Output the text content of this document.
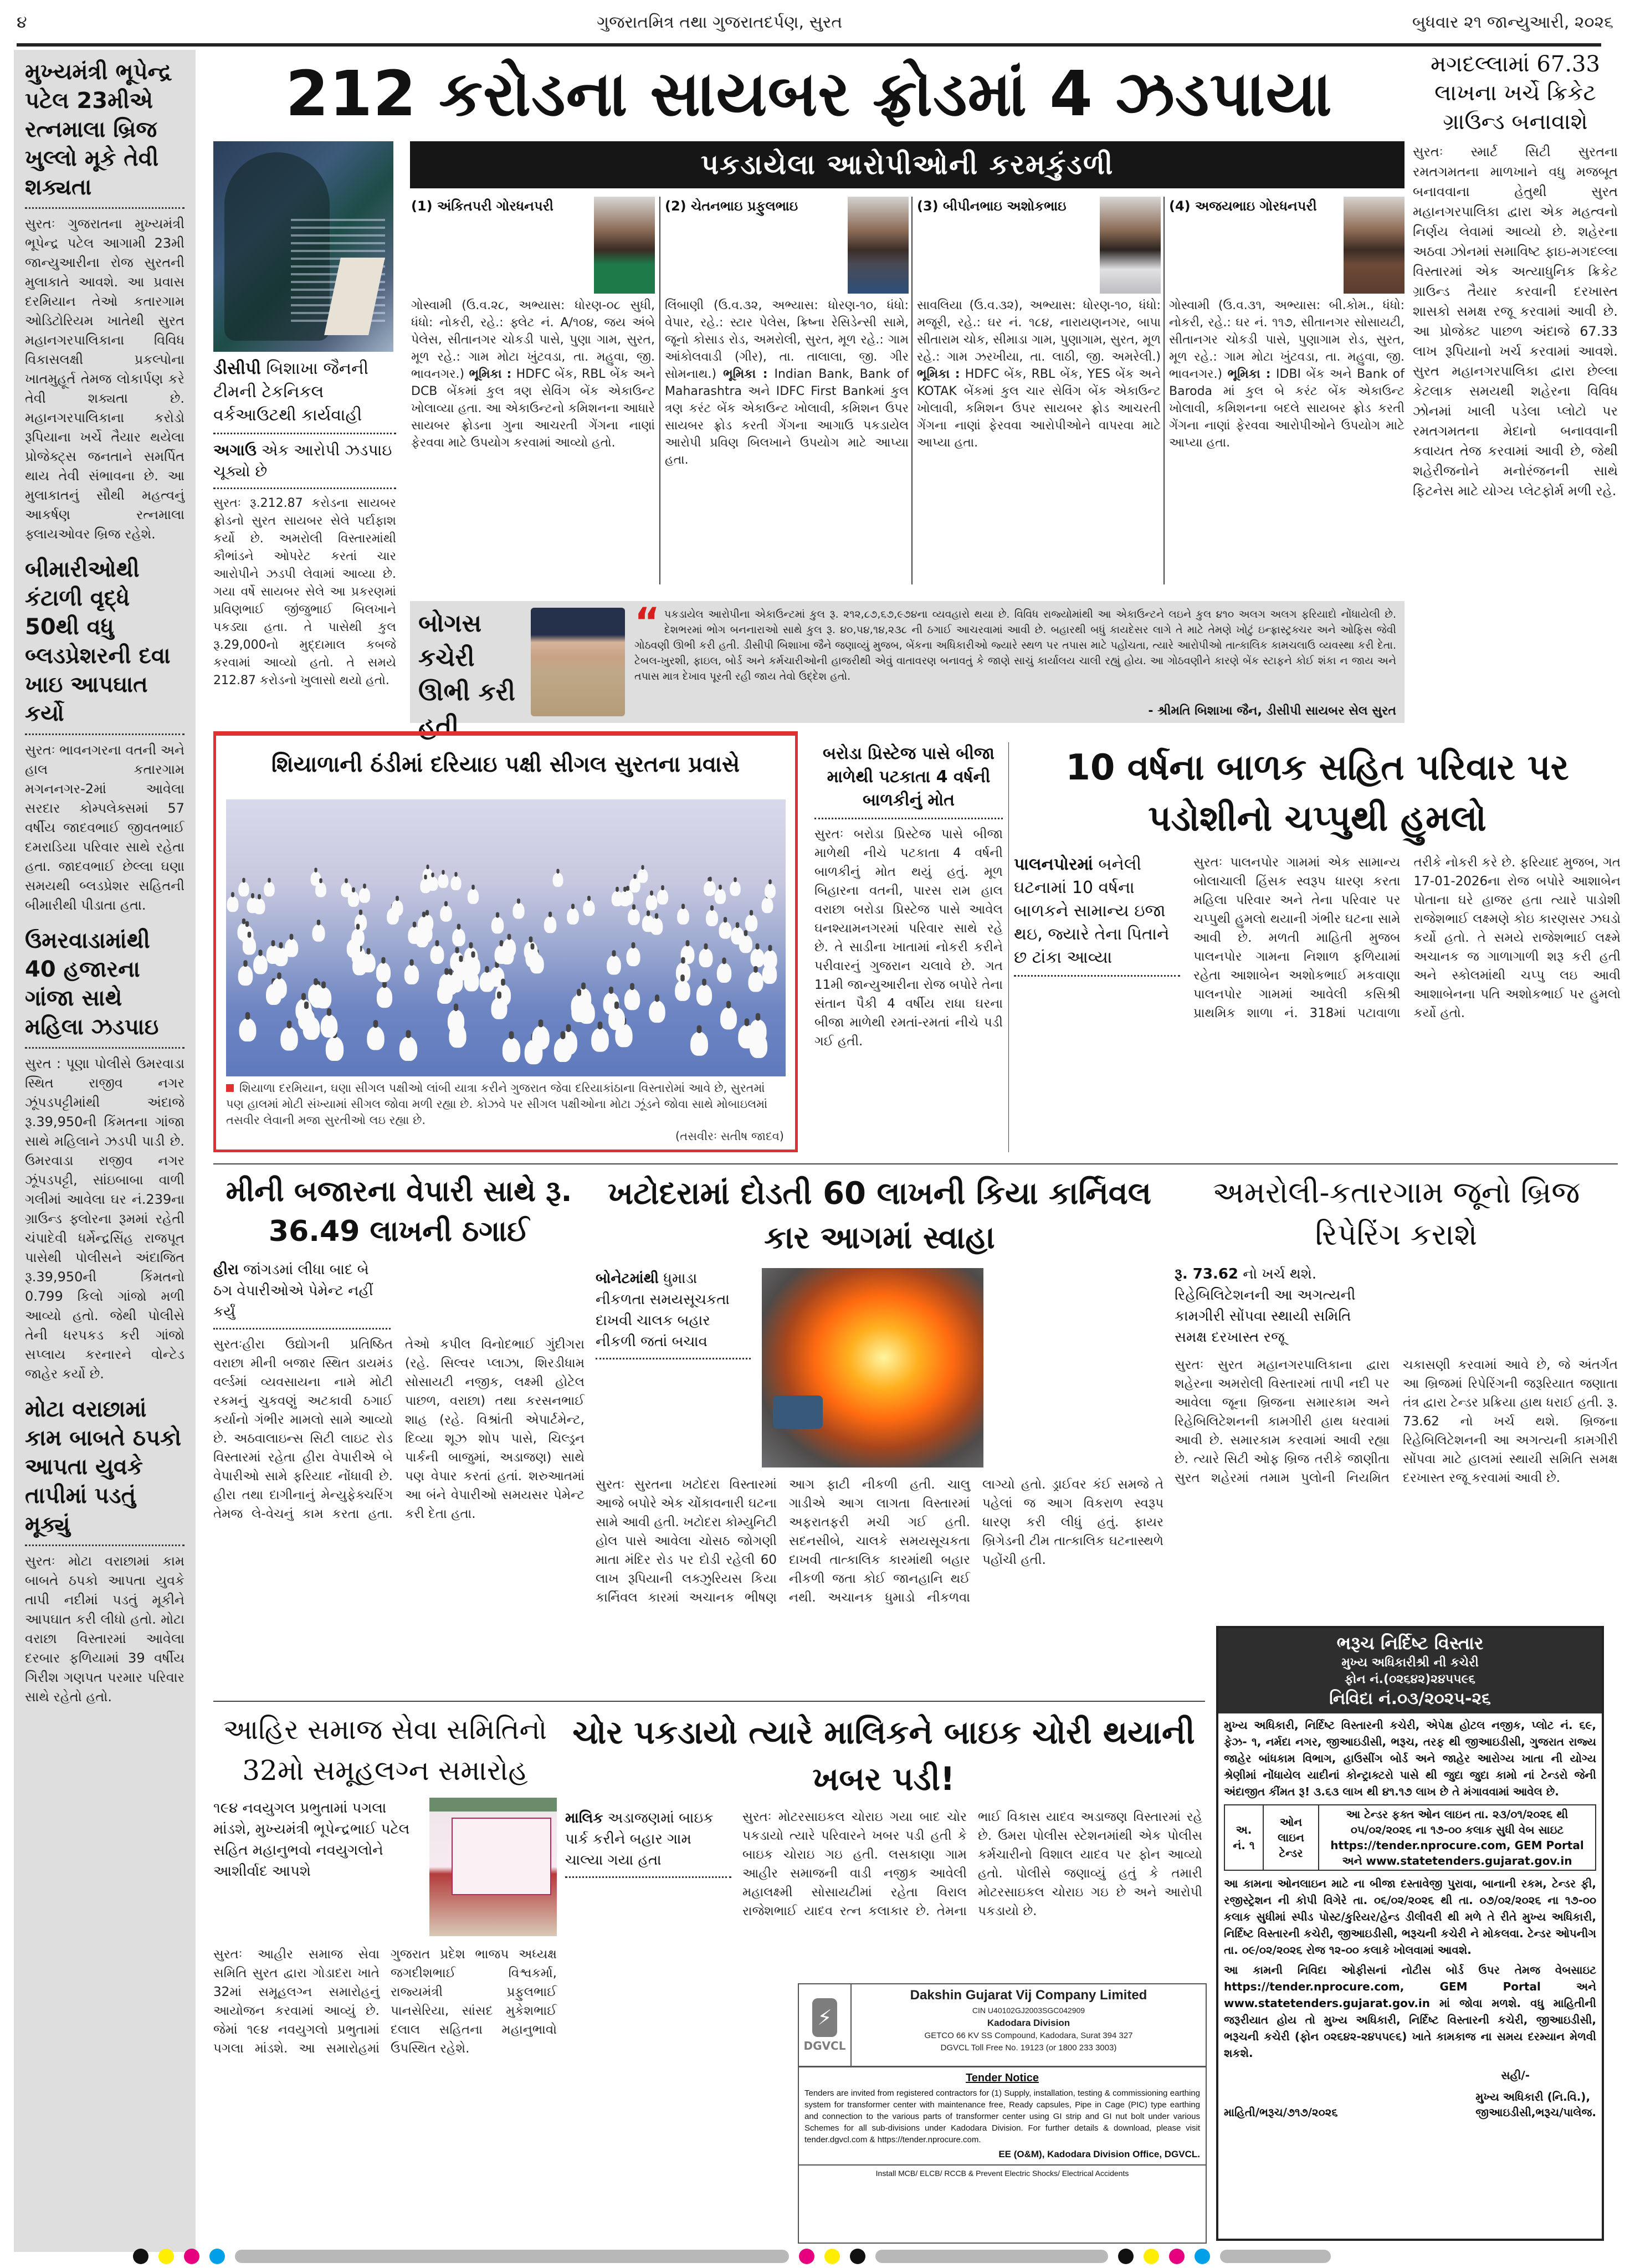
૪	ગુજરાતમિત્ર તથા ગુજરાતદર્પણ, સુરત	બુધવાર ૨૧ જાન્યુઆરી, ૨૦૨૬
મુખ્યમંત્રી ભૂપેન્દ્ર પટેલ 23મીએ રત્નમાલા બ્રિજ ખુલ્લો મૂકે તેવી શક્યતા
સુરતઃ ગુજરાતના મુખ્યમંત્રી ભૂપેન્દ્ર પટેલ આગામી 23મી જાન્યુઆરીના રોજ સુરતની મુલાકાતે આવશે. આ પ્રવાસ દરમિયાન તેઓ કતારગામ ઓડિટોરિયમ ખાતેથી સુરત મહાનગરપાલિકાના વિવિધ વિકાસલક્ષી પ્રકલ્પોના ખાતમુહૂર્ત તેમજ લોકાર્પણ કરે તેવી શક્યતા છે. મહાનગરપાલિકાના કરોડો રૂપિયાના ખર્ચે તૈયાર થયેલા પ્રોજેક્ટ્સ જનતાને સમર્પિત થાય તેવી સંભાવના છે. આ મુલાકાતનું સૌથી મહત્વનું આકર્ષણ રત્નમાલા ફ્લાયઓવર બ્રિજ રહેશે.
બીમારીઓથી કંટાળી વૃદ્ધે 50થી વધુ બ્લડપ્રેશરની દવા ખાઇ આપઘાત કર્યો
સુરતઃ ભાવનગરના વતની અને હાલ કતારગામ મગનનગર-2માં આવેલા સરદાર કોમ્પલેક્સમાં 57 વર્ષીય જાદવભાઈ જીવતભાઈ દમરાડિયા પરિવાર સાથે રહેતા હતા. જાદવભાઈ છેલ્લા ઘણા સમયથી બ્લડપ્રેશર સહિતની બીમારીથી પીડાતા હતા.
ઉમરવાડામાંથી 40 હજારના ગાંજા સાથે મહિલા ઝડપાઇ
સુરત : પૂણા પોલીસે ઉમરવાડા સ્થિત રાજીવ નગર ઝૂંપડપટ્ટીમાંથી અંદાજે રૂ.39,950ની કિંમતના ગાંજા સાથે મહિલાને ઝડપી પાડી છે. ઉમરવાડા રાજીવ નગર ઝૂંપડપટ્ટી, સાંઇબાબા વાળી ગલીમાં આવેલા ઘર નં.239ના ગ્રાઉન્ડ ફ્લોરના રૂમમાં રહેતી ચંપાદેવી ધર્મેન્દ્રસિંહ રાજપૂત પાસેથી પોલીસને અંદાજિત રૂ.39,950ની કિંમતનો 0.799 કિલો ગાંજો મળી આવ્યો હતો. જેથી પોલીસે તેની ધરપકડ કરી ગાંજો સપ્લાય કરનારને વોન્ટેડ જાહેર કર્યો છે.
મોટા વરાછામાં કામ બાબતે ઠપકો આપતા યુવકે તાપીમાં પડતું મૂક્યું
સુરતઃ મોટા વરાછામાં કામ બાબતે ઠપકો આપતા યુવકે તાપી નદીમાં પડતું મૂકીને આપઘાત કરી લીધો હતો. મોટા વરાછા વિસ્તારમાં આવેલા દરબાર ફળિયામાં 39 વર્ષીય ગિરીશ ગણપત પરમાર પરિવાર સાથે રહેતો હતો.
212 કરોડના સાયબર ફ્રોડમાં 4 ઝડપાયા
ડીસીપી બિશાખા જૈનની ટીમની ટેકનિકલ વર્કઆઉટથી કાર્યવાહી
અગાઉ એક આરોપી ઝડપાઇ ચૂક્યો છે
સુરતઃ રૂ.212.87 કરોડના સાયબર ફ્રોડનો સુરત સાયબર સેલે પર્દાફાશ કર્યો છે. અમરોલી વિસ્તારમાંથી કૌભાંડને ઓપરેટ કરતાં ચાર આરોપીને ઝડપી લેવામાં આવ્યા છે. ગયા વર્ષે સાયબર સેલે આ પ્રકરણમાં પ્રવિણભાઈ જીંજુભાઈ બિલખાને પકડ્યા હતા. તે પાસેથી કુલ રૂ.29,000નો મુદ્દામાલ કબજે કરવામાં આવ્યો હતો. તે સમયે 212.87 કરોડનો ખુલાસો થયો હતો.
પકડાયેલા આરોપીઓની કરમકુંડળી
(1) અંકિતપરી ગોરધનપરી
ગોસ્વામી (ઉ.વ.૨૮, અભ્યાસ: ધોરણ-૦૮ સુધી, ધંધો: નોકરી, રહે.: ફ્લેટ નં. A/૧૦૪, જય અંબે પેલેસ, સીતાનગર ચોકડી પાસે, પુણા ગામ, સુરત, મૂળ રહે.: ગામ મોટા ખુંટવડા, તા. મહુવા, જી. ભાવનગર.) ભૂમિકા : HDFC બેંક, RBL બેંક અને DCB બેંકમાં કુલ ત્રણ સેવિંગ બેંક એકાઉન્ટ ખોલાવ્યા હતા. આ એકાઉન્ટનો કમિશનના આધારે સાયબર ફ્રોડના ગુના આચરતી ગેંગના નાણાં ફેરવવા માટે ઉપયોગ કરવામાં આવ્યો હતો.
(2) ચેતનભાઇ પ્રફુલભાઇ
લિંબાણી (ઉ.વ.૩૨, અભ્યાસ: ધોરણ-૧૦, ધંધો: વેપાર, રહે.: સ્ટાર પેલેસ, ક્રિષ્ના રેસિડેન્સી સામે, જૂનો કોસાડ રોડ, અમરોલી, સુરત, મૂળ રહે.: ગામ આંકોલવાડી (ગીર), તા. તાલાલા, જી. ગીર સોમનાથ.) ભૂમિકા : Indian Bank, Bank of Maharashtra અને IDFC First Bankમાં કુલ ત્રણ કરંટ બેંક એકાઉન્ટ ખોલાવી, કમિશન ઉપર સાયબર ફ્રોડ કરતી ગેંગના આગાઉ પકડાયેલ આરોપી પ્રવિણ બિલખાને ઉપયોગ માટે આપ્યા હતા.
(3) બીપીનભાઇ અશોકભાઇ
સાવલિયા (ઉ.વ.૩૨), અભ્યાસ: ધોરણ-૧૦, ધંધો: મજૂરી, રહે.: ઘર નં. ૧૮૪, નારાયણનગર, બાપા સીતારામ ચોક, સીમાડા ગામ, પુણાગામ, સુરત, મૂળ રહે.: ગામ ઝરખીયા, તા. લાઠી, જી. અમરેલી.) ભૂમિકા : HDFC બેંક, RBL બેંક, YES બેંક અને KOTAK બેંકમાં કુલ ચાર સેવિંગ બેંક એકાઉન્ટ ખોલાવી, કમિશન ઉપર સાયબર ફ્રોડ આચરતી ગેંગના નાણાં ફેરવવા આરોપીઓને વાપરવા માટે આપ્યા હતા.
(4) અજયભાઇ ગોરધનપરી
ગોસ્વામી (ઉ.વ.૩૧, અભ્યાસ: બી.કોમ., ધંધો: નોકરી, રહે.: ઘર નં. ૧૧૭, સીતાનગર સોસાયટી, સીતાનગર ચોકડી પાસે, પુણાગામ રોડ, સુરત, મૂળ રહે.: ગામ મોટા ખુંટવડા, તા. મહુવા, જી. ભાવનગર.) ભૂમિકા : IDBI બેંક અને Bank of Baroda માં કુલ બે કરંટ બેંક એકાઉન્ટ ખોલાવી, કમિશનના બદલે સાયબર ફ્રોડ કરતી ગેંગના નાણાં ફેરવવા આરોપીઓને ઉપયોગ માટે આપ્યા હતા.
બોગસ કચેરી ઊભી કરી હતી
“ પકડાયેલ આરોપીના એકાઉન્ટમાં કુલ રૂ. ૨૧૨,૮૭,૬૭,૯૭૪ના વ્યવહારો થયા છે. વિવિધ રાજ્યોમાંથી આ એકાઉન્ટને લઇને કુલ ૪૧૦ અલગ અલગ ફરિયાદો નોંધાયેલી છે. દેશભરમાં ભોગ બનનારાઓ સાથે કુલ રૂ. ૪૦,૫૪,૧૪,૨૩૮ ની ઠગાઈ આચરવામાં આવી છે. બહારથી બધું કાયદેસર લાગે તે માટે તેમણે ખોટું ઇન્ફ્રાસ્ટ્રક્ચર અને ઓફિસ જેવી ગોઠવણી ઊભી કરી હતી. ડીસીપી બિશાખા જૈને જણાવ્યું મુજબ, બેંકના અધિકારીઓ જ્યારે સ્થળ પર તપાસ માટે પહોંચતા, ત્યારે આરોપીઓ તાત્કાલિક કામચલાઉ વ્યવસ્થા કરી દેતા. ટેબલ-ખુરશી, ફાઇલ, બોર્ડ અને કર્મચારીઓની હાજરીથી એવું વાતાવરણ બનાવતું કે જાણે સાચું કાર્યાલય ચાલી રહ્યું હોય. આ ગોઠવણીને કારણે બેંક સ્ટાફને કોઈ શંકા ન જાય અને તપાસ માત્ર દેખાવ પૂરતી રહી જાય તેવો ઉદ્દેશ હતો.
- શ્રીમતિ બિશાખા જૈન, ડીસીપી સાયબર સેલ સુરત
મગદલ્લામાં 67.33 લાખના ખર્ચે ક્રિકેટ ગ્રાઉન્ડ બનાવાશે
સુરતઃ સ્માર્ટ સિટી સુરતના રમતગમતના માળખાને વધુ મજબૂત બનાવવાના હેતુથી સુરત મહાનગરપાલિકા દ્વારા એક મહત્વનો નિર્ણય લેવામાં આવ્યો છે. શહેરના અઠવા ઝોનમાં સમાવિષ્ટ ફાઇ-મગદલ્લા વિસ્તારમાં એક અત્યાધુનિક ક્રિકેટ ગ્રાઉન્ડ તૈયાર કરવાની દરખાસ્ત શાસકો સમક્ષ રજૂ કરવામાં આવી છે. આ પ્રોજેક્ટ પાછળ અંદાજે 67.33 લાખ રૂપિયાનો ખર્ચ કરવામાં આવશે. સુરત મહાનગરપાલિકા દ્વારા છેલ્લા કેટલાક સમયથી શહેરના વિવિધ ઝોનમાં ખાલી પડેલા પ્લોટો પર રમતગમતના મેદાનો બનાવવાની કવાયત તેજ કરવામાં આવી છે, જેથી શહેરીજનોને મનોરંજનની સાથે ફિટનેસ માટે યોગ્ય પ્લેટફોર્મ મળી રહે.
શિયાળાની ઠંડીમાં દરિયાઇ પક્ષી સીગલ સુરતના પ્રવાસે
શિયાળા દરમિયાન, ઘણા સીગલ પક્ષીઓ લાંબી યાત્રા કરીને ગુજરાત જેવા દરિયાકાંઠાના વિસ્તારોમાં આવે છે, સુરતમાં પણ હાલમાં મોટી સંખ્યામાં સીગલ જોવા મળી રહ્યા છે. કોઝવે પર સીગલ પક્ષીઓના મોટા ઝૂંડને જોવા સાથે મોબાઇલમાં તસવીર લેવાની મજા સુરતીઓ લઇ રહ્યા છે.
(તસવીરઃ સતીષ જાદવ)
બરોડા પ્રિસ્ટેજ પાસે બીજા માળેથી પટકાતા 4 વર્ષની બાળકીનું મોત
સુરતઃ બરોડા પ્રિસ્ટેજ પાસે બીજા માળેથી નીચે પટકાતા 4 વર્ષની બાળકીનું મોત થયું હતું. મૂળ બિહારના વતની, પારસ રામ હાલ વરાછા બરોડા પ્રિસ્ટેજ પાસે આવેલ ઘનશ્યામનગરમાં પરિવાર સાથે રહે છે. તે સાડીના ખાતામાં નોકરી કરીને પરીવારનું ગુજરાન ચલાવે છે. ગત 11મી જાન્યુઆરીના રોજ બપોરે તેના સંતાન પૈકી 4 વર્ષીય રાધા ઘરના બીજા માળેથી રમતાં-રમતાં નીચે પડી ગઈ હતી.
10 વર્ષના બાળક સહિત પરિવાર પર પડોશીનો ચપ્પુથી હુમલો
પાલનપોરમાં બનેલી ઘટનામાં 10 વર્ષના બાળકને સામાન્ય ઇજા થઇ, જ્યારે તેના પિતાને છ ટાંકા આવ્યા
સુરતઃ પાલનપોર ગામમાં એક સામાન્ય બોલાચાલી હિંસક સ્વરૂપ ધારણ કરતા મહિલા પરિવાર અને તેના પરિવાર પર ચપ્પુથી હુમલો થયાની ગંભીર ઘટના સામે આવી છે. મળતી માહિતી મુજબ પાલનપોર ગામના નિશાળ ફળિયામાં રહેતા આશાબેન અશોકભાઈ મકવાણા પાલનપોર ગામમાં આવેલી કસિશ્રી પ્રાથમિક શાળા નં. 318માં પટાવાળા તરીકે નોકરી કરે છે. ફરિયાદ મુજબ, ગત 17-01-2026ના રોજ બપોરે આશાબેન પોતાના ઘરે હાજર હતા ત્યારે પાડોશી રાજેશભાઈ લક્ષ્મણે કોઇ કારણસર ઝઘડો કર્યો હતો. તે સમયે રાજેશભાઈ લક્ષ્મે અચાનક જ ગાળાગાળી શરૂ કરી હતી અને સ્કોલમાંથી ચપ્પુ લઇ આવી આશાબેનના પતિ અશોકભાઈ પર હુમલો કર્યો હતો.
મીની બજારના વેપારી સાથે રૂ. 36.49 લાખની ઠગાઈ
હીરા જાંગડમાં લીધા બાદ બે ઠગ વેપારીઓએ પેમેન્ટ નહીં કર્યું
સુરતઃહીરા ઉદ્યોગની પ્રતિષ્ઠિત વરાછા મીની બજાર સ્થિત ડાયમંડ વર્લ્ડમાં વ્યવસાયના નામે મોટી રકમનું ચુકવણું અટકાવી ઠગાઈ કર્યાનો ગંભીર મામલો સામે આવ્યો છે. અઠવાલાઇન્સ સિટી લાઇટ રોડ વિસ્તારમાં રહેતા હીરા વેપારીએ બે વેપારીઓ સામે ફરિયાદ નોંધાવી છે. હીરા તથા દાગીનાનું મેન્યુફેક્ચરિંગ તેમજ લે-વેચનું કામ કરતા હતા. તેઓ કપીલ વિનોદભાઈ ગુંદીગરા (રહે. સિલ્વર પ્લાઝા, શિરડીધામ સોસાયટી નજીક, લક્ષ્મી હોટેલ પાછળ, વરાછા) તથા કરસનભાઈ શાહ (રહે. વિશ્રાંતી એપાર્ટમેન્ટ, દિવ્યા શૂઝ શોપ પાસે, ચિલ્ડ્રન પાર્કની બાજુમાં, અડાજણ) સાથે પણ વેપાર કરતાં હતાં. શરુઆતમાં આ બંને વેપારીઓ સમયસર પેમેન્ટ કરી દેતા હતા.
ખટોદરામાં દોડતી 60 લાખની કિયા કાર્નિવલ કાર આગમાં સ્વાહા
બોનેટમાંથી ધુમાડા નીકળતા સમયસૂચકતા દાખવી ચાલક બહાર નીકળી જતાં બચાવ
સુરતઃ સુરતના ખટોદરા વિસ્તારમાં આજે બપોરે એક ચોંકાવનારી ઘટના સામે આવી હતી. ખટોદરા કોમ્યુનિટી હોલ પાસે આવેલા ચોસઠ જોગણી માતા મંદિર રોડ પર દોડી રહેલી 60 લાખ રૂપિયાની લક્ઝુરિયસ કિયા કાર્નિવલ કારમાં અચાનક ભીષણ આગ ફાટી નીકળી હતી. ચાલુ ગાડીએ આગ લાગતા વિસ્તારમાં અફરાતફરી મચી ગઈ હતી. સદનસીબે, ચાલકે સમયસૂચકતા દાખવી તાત્કાલિક કારમાંથી બહાર નીકળી જતા કોઈ જાનહાનિ થઈ નથી. અચાનક ધુમાડો નીકળવા લાગ્યો હતો. ડ્રાઈવર કંઈ સમજે તે પહેલાં જ આગ વિકરાળ સ્વરૂપ ધારણ કરી લીધું હતું. ફાયર બ્રિગેડની ટીમ તાત્કાલિક ઘટનાસ્થળે પહોંચી હતી.
અમરોલી-કતારગામ જૂનો બ્રિજ રિપેરિંગ કરાશે
રૂ. 73.62 નો ખર્ચ થશે. રિહેબિલિટેશનની આ અગત્યની કામગીરી સોંપવા સ્થાયી સમિતિ સમક્ષ દરખાસ્ત રજૂ
સુરતઃ સુરત મહાનગરપાલિકાના દ્વારા શહેરના અમરોલી વિસ્તારમાં તાપી નદી પર આવેલા જૂના બ્રિજના સમારકામ અને રિહેબિલિટેશનની કામગીરી હાથ ધરવામાં આવી છે. સમારકામ કરવામાં આવી રહ્યા છે. ત્યારે સિટી ઓફ બ્રિજ તરીકે જાણીતા સુરત શહેરમાં તમામ પુલોની નિયમિત ચકાસણી કરવામાં આવે છે, જે અંતર્ગત આ બ્રિજમાં રિપેરિંગની જરૂરિયાત જણાતા તંત્ર દ્વારા ટેન્ડર પ્રક્રિયા હાથ ધરાઈ હતી. રૂ. 73.62 નો ખર્ચ થશે. બ્રિજના રિહેબિલિટેશનની આ અગત્યની કામગીરી સોંપવા માટે હાલમાં સ્થાયી સમિતિ સમક્ષ દરખાસ્ત રજૂ કરવામાં આવી છે.
આહિર સમાજ સેવા સમિતિનો 32મો સમૂહલગ્ન સમારોહ
૧૯૪ નવયુગલ પ્રભુતામાં પગલા માંડશે, મુખ્યમંત્રી ભૂપેન્દ્રભાઈ પટેલ સહિત મહાનુભવો નવયુગલોને આશીર્વાદ આપશે
સુરતઃ આહીર સમાજ સેવા સમિતિ સુરત દ્વારા ગોડાદરા ખાતે 32માં સમૂહલગ્ન સમારોહનું આયોજન કરવામાં આવ્યું છે. જેમાં ૧૯૪ નવયુગલો પ્રભુતામાં પગલા માંડશે. આ સમારોહમાં ગુજરાત પ્રદેશ ભાજપ અધ્યક્ષ જગદીશભાઈ વિશ્વકર્મા, રાજ્યમંત્રી પ્રફુલભાઈ પાનસેરિયા, સાંસદ મુકેશભાઈ દલાલ સહિતના મહાનુભાવો ઉપસ્થિત રહેશે.
ચોર પકડાયો ત્યારે માલિકને બાઇક ચોરી થયાની ખબર પડી!
માલિક અડાજણમાં બાઇક પાર્ક કરીને બહાર ગામ ચાલ્યા ગયા હતા
સુરતઃ મોટરસાઇકલ ચોરાઇ ગયા બાદ ચોર પકડાયો ત્યારે પરિવારને ખબર પડી હતી કે બાઇક ચોરાઇ ગઇ હતી. લસકાણા ગામ આહીર સમાજની વાડી નજીક આવેલી મહાલક્ષ્મી સોસાયટીમાં રહેતા વિરાલ રાજેશભાઈ યાદવ રત્ન કલાકાર છે. તેમના ભાઈ વિકાસ યાદવ અડાજણ વિસ્તારમાં રહે છે. ઉમરા પોલીસ સ્ટેશનમાંથી એક પોલીસ કર્મચારીનો વિશાલ યાદવ પર ફોન આવ્યો હતો. પોલીસે જણાવ્યું હતું કે તમારી મોટરસાઇકલ ચોરાઇ ગઇ છે અને આરોપી પકડાયો છે.
⚡
DGVCL
Dakshin Gujarat Vij Company Limited
CIN U40102GJ2003SGC042909
Kadodara Division
GETCO 66 KV SS Compound, Kadodara, Surat 394 327
DGVCL Toll Free No. 19123 (or 1800 233 3003)
Tender Notice
Tenders are invited from registered contractors for (1) Supply, installation, testing & commissioning earthing system for transformer center with maintenance free, Ready capsules, Pipe in Cage (PIC) type earthing and connection to the various parts of transformer center using GI strip and GI nut bolt under various Schemes for all sub-divisions under Kadodara Division. For further details & download, please visit tender.dgvcl.com & https://tender.nprocure.com.
EE (O&M), Kadodara Division Office, DGVCL.
Install MCB/ ELCB/ RCCB & Prevent Electric Shocks/ Electrical Accidents
ભરૂચ નિર્દિષ્ટ વિસ્તાર
મુખ્ય અધિકારીશ્રી ની કચેરી
ફોન નં.(૦૨૬૪૨)૨૪૫૫૯૬
નિવિદા નં.૦૩/૨૦૨૫-૨૬
મુખ્ય અધિકારી, નિર્દિષ્ટ વિસ્તારની કચેરી, એપેક્ષ હોટલ નજીક, પ્લોટ નં. ૬૯, ફેઝ- ૧, નર્મદા નગર, જીઆઇડીસી, ભરૂચ, તરફ થી જીઆઇડીસી, ગુજરાત રાજ્ય જાહેર બાંધકામ વિભાગ, હાઉસીંગ બોર્ડ અને જાહેર આરોગ્ય ખાતા ની યોગ્ય શ્રેણીમાં નોંધાયેલ યાદીનાં કોન્ટ્રાક્ટરો પાસે થી જુદા જુદા કામો નાં ટેન્ડરો જેની અંદાજીત કીંમત રૂ! ૩.૬૩ લાખ થી ૪૧.૧૭ લાખ છે તે મંગાવવામાં આવેલ છે.
અ. નં. ૧	ઓન લાઇન ટેન્ડર	આ ટેન્ડર ફક્ત ઓન લાઇન તા. ૨૩/૦૧/૨૦૨૬ થી ૦૫/૦૨/૨૦૨૬ ના ૧૭-૦૦ કલાક સુધી વેબ સાઇટ https://tender.nprocure.com, GEM Portal અને www.statetenders.gujarat.gov.in
આ કામના ઓનલાઇન માટે ના બીજા દસ્તાવેજી પુરાવા, બાનાની રકમ, ટેન્ડર ફી, રજીસ્ટ્રેશન ની કોપી વિગેરે તા. ૦૬/૦૨/૨૦૨૬ થી તા. ૦૭/૦૨/૨૦૨૬ ના ૧૭-૦૦ કલાક સુધીમાં સ્પીડ પોસ્ટ/કુરિયર/હેન્ડ ડીલીવરી થી મળે તે રીતે મુખ્ય અધિકારી, નિર્દિષ્ટ વિસ્તારની કચેરી, જીઆઇડીસી, ભરૂચની કચેરી ને મોકલવા. ટેન્ડર ઓપનીગ તા. ૦૯/૦૨/૨૦૨૬ રોજ ૧૨-૦૦ કલાકે ખોલવામાં આવશે.
આ કામની નિવિદા ઓફીસનાં નોટીસ બોર્ડ ઉપર તેમજ વેબસાઇટ https://tender.nprocure.com, GEM Portal અને www.statetenders.gujarat.gov.in માં જોવા મળશે. વધુ માહિતીની જરૂરીયાત હોય તો મુખ્ય અધિકારી, નિર્દિષ્ટ વિસ્તારની કચેરી, જીઆઇડીસી, ભરૂચની કચેરી (ફોન ૦૨૬૪૨-૨૪૫૫૯૬) ખાતે કામકાજ ના સમય દરમ્યાન મેળવી શકશે.
સહી/-
માહિતી/ભરૂચ/૭૧૭/૨૦૨૬
મુખ્ય અધિકારી (નિ.વિ.),
જીઆઇડીસી,ભરૂચ/પાલેજ.
